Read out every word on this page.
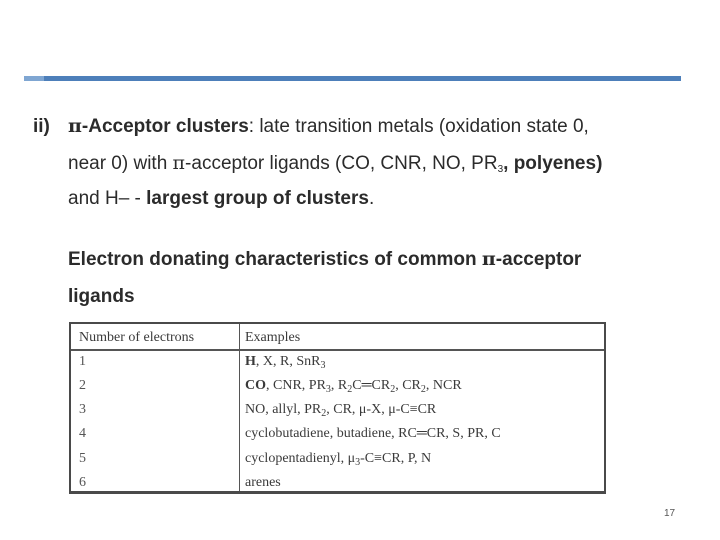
ii) π-Acceptor clusters: late transition metals (oxidation state 0,
near 0) with π-acceptor ligands (CO, CNR, NO, $PR_3$, polyenes)
and H– - largest group of clusters.
Electron donating characteristics of common π-acceptor
ligands
Number of electrons	Examples
1	H, X, R, SnR$_3$
2	CO, CNR, $PR_3$, $R_2C═CR_2$, $CR_2$, NCR
3	NO, allyl, $PR_2$, CR, μ-X, μ-C≡CR
4	cyclobutadiene, butadiene, RC═CR, S, PR, C
5	cyclopentadienyl, $\mu_3-C\equiv CR$, P, N
6	arenes
17
